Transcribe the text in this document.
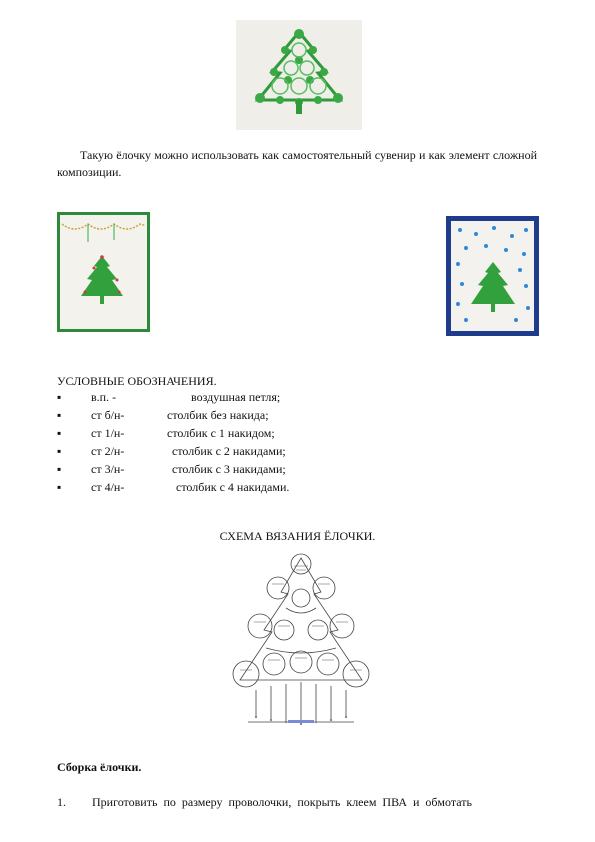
Такую ёлочку можно использовать как самостоятельный сувенир и как элемент сложной композиции.
УСЛОВНЫЕ ОБОЗНАЧЕНИЯ.
▪ в.п. -	воздушная петля;
▪ ст б/н-	столбик без накида;
▪ ст 1/н-	столбик с 1 накидом;
▪ ст 2/н-	столбик с 2 накидами;
▪ ст 3/н-	столбик с 3 накидами;
▪ ст 4/н-	столбик с 4 накидами.
СХЕМА ВЯЗАНИЯ ЁЛОЧКИ.
Сборка ёлочки.
1. Приготовить по размеру проволочки, покрыть клеем ПВА и обмотать
